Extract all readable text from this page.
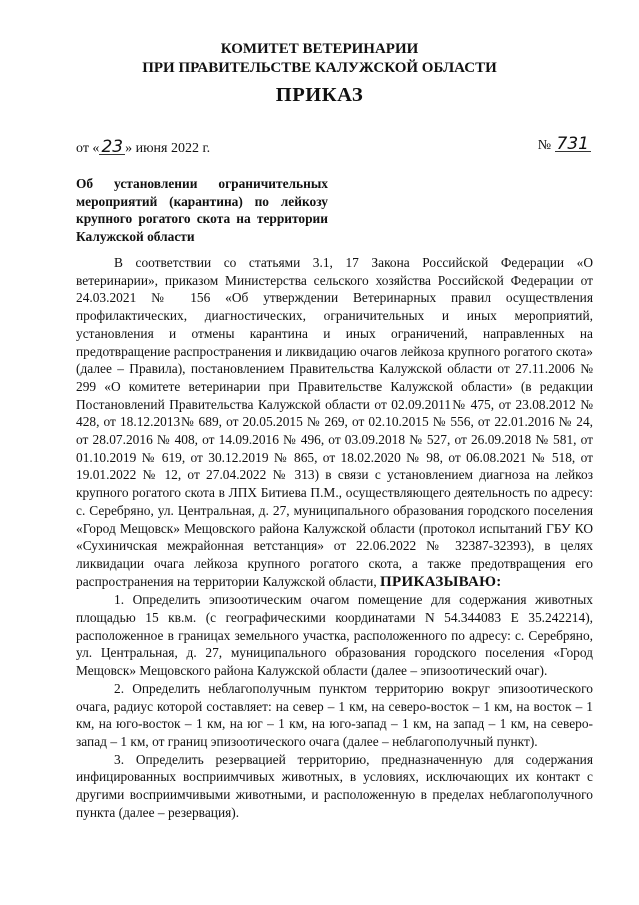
КОМИТЕТ ВЕТЕРИНАРИИ
ПРИ ПРАВИТЕЛЬСТВЕ КАЛУЖСКОЙ ОБЛАСТИ
ПРИКАЗ
от « 23 » июня 2022 г.	№ 731
Об установлении ограничительных мероприятий (карантина) по лейкозу крупного рогатого скота на территории Калужской области

В соответствии со статьями 3.1, 17 Закона Российской Федерации «О ветеринарии», приказом Министерства сельского хозяйства Российской Федерации от 24.03.2021 № 156 «Об утверждении Ветеринарных правил осуществления профилактических, диагностических, ограничительных и иных мероприятий, установления и отмены карантина и иных ограничений, направленных на предотвращение распространения и ликвидацию очагов лейкоза крупного рогатого скота» (далее – Правила), постановлением Правительства Калужской области от 27.11.2006 № 299 «О комитете ветеринарии при Правительстве Калужской области» (в редакции Постановлений Правительства Калужской области от 02.09.2011№ 475, от 23.08.2012 № 428, от 18.12.2013№ 689, от 20.05.2015 № 269, от 02.10.2015 № 556, от 22.01.2016 № 24, от 28.07.2016 № 408, от 14.09.2016 № 496, от 03.09.2018 № 527, от 26.09.2018 № 581, от 01.10.2019 № 619, от 30.12.2019 № 865, от 18.02.2020 № 98, от 06.08.2021 № 518, от 19.01.2022 № 12, от 27.04.2022 № 313) в связи с установлением диагноза на лейкоз крупного рогатого скота в ЛПХ Битиева П.М., осуществляющего деятельность по адресу: с. Серебряно, ул. Центральная, д. 27, муниципального образования городского поселения «Город Мещовск» Мещовского района Калужской области (протокол испытаний ГБУ КО «Сухиничская межрайонная ветстанция» от 22.06.2022 № 32387-32393), в целях ликвидации очага лейкоза крупного рогатого скота, а также предотвращения его распространения на территории Калужской области, ПРИКАЗЫВАЮ:

1. Определить эпизоотическим очагом помещение для содержания животных площадью 15 кв.м. (с географическими координатами N 54.344083 E 35.242214), расположенное в границах земельного участка, расположенного по адресу: с. Серебряно, ул. Центральная, д. 27, муниципального образования городского поселения «Город Мещовск» Мещовского района Калужской области (далее – эпизоотический очаг).

2. Определить неблагополучным пунктом территорию вокруг эпизоотического очага, радиус которой составляет: на север – 1 км, на северо-восток – 1 км, на восток – 1 км, на юго-восток – 1 км, на юг – 1 км, на юго-запад – 1 км, на запад – 1 км, на северо-запад – 1 км, от границ эпизоотического очага (далее – неблагополучный пункт).

3. Определить резервацией территорию, предназначенную для содержания инфицированных восприимчивых животных, в условиях, исключающих их контакт с другими восприимчивыми животными, и расположенную в пределах неблагополучного пункта (далее – резервация).
